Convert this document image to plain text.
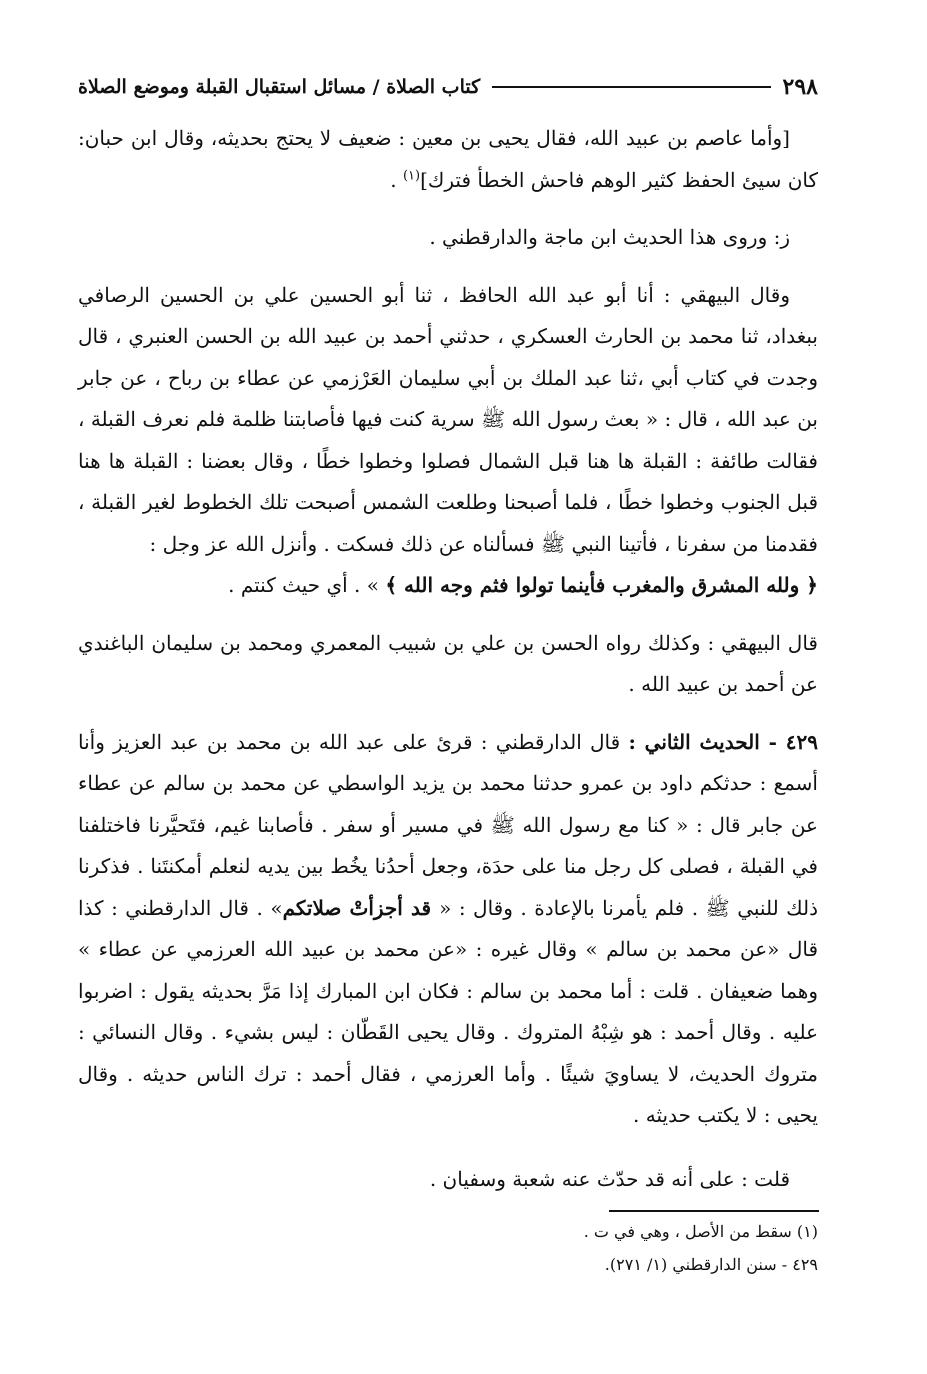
٢٩٨
كتاب الصلاة / مسائل استقبال القبلة وموضع الصلاة

[وأما عاصم بن عبيد الله، فقال يحيى بن معين : ضعيف لا يحتج بحديثه، وقال ابن حبان: كان سيئ الحفظ كثير الوهم فاحش الخطأ فترك]$^{(١)}$ .

ز: وروى هذا الحديث ابن ماجة والدارقطني .

وقال البيهقي : أنا أبو عبد الله الحافظ ، ثنا أبو الحسين علي بن الحسين الرصافي ببغداد، ثنا محمد بن الحارث العسكري ، حدثني أحمد بن عبيد الله بن الحسن العنبري ، قال وجدت في كتاب أبي ،ثنا عبد الملك بن أبي سليمان العَرْزمي عن عطاء بن رباح ، عن جابر بن عبد الله ، قال : « بعث رسول الله ﷺ سرية كنت فيها فأصابتنا ظلمة فلم نعرف القبلة ، فقالت طائفة : القبلة ها هنا قبل الشمال فصلوا وخطوا خطًا ، وقال بعضنا : القبلة ها هنا قبل الجنوب وخطوا خطًا ، فلما أصبحنا وطلعت الشمس أصبحت تلك الخطوط لغير القبلة ، فقدمنا من سفرنا ، فأتينا النبي ﷺ فسألناه عن ذلك فسكت . وأنزل الله عز وجل :
﴿ ولله المشرق والمغرب فأينما تولوا فثم وجه الله ﴾ » . أي حيث كنتم .

قال البيهقي : وكذلك رواه الحسن بن علي بن شبيب المعمري ومحمد بن سليمان الباغندي عن أحمد بن عبيد الله .

٤٢٩ - الحديث الثاني : قال الدارقطني : قرئ على عبد الله بن محمد بن عبد العزيز وأنا أسمع : حدثكم داود بن عمرو حدثنا محمد بن يزيد الواسطي عن محمد بن سالم عن عطاء عن جابر قال : « كنا مع رسول الله ﷺ في مسير أو سفر . فأصابنا غيم، فتَحيَّرنا فاختلفنا في القبلة ، فصلى كل رجل منا على حدَة، وجعل أحدُنا يخُط بين يديه لنعلم أمكنتَنا . فذكرنا ذلك للنبي ﷺ . فلم يأمرنا بالإعادة . وقال : « قد أجزأتْ صلاتكم» . قال الدارقطني : كذا قال «عن محمد بن سالم » وقال غيره : «عن محمد بن عبيد الله العرزمي عن عطاء » وهما ضعيفان . قلت : أما محمد بن سالم : فكان ابن المبارك إذا مَرَّ بحديثه يقول : اضربوا عليه . وقال أحمد : هو شِبْهُ المتروك . وقال يحيى القَطّان : ليس بشيء . وقال النسائي : متروك الحديث، لا يساويَ شيئًا . وأما العرزمي ، فقال أحمد : ترك الناس حديثه . وقال يحيى : لا يكتب حديثه .

قلت : على أنه قد حدّث عنه شعبة وسفيان .

(١) سقط من الأصل ، وهي في ت .

٤٢٩ - سنن الدارقطني (١/ ٢٧١).
